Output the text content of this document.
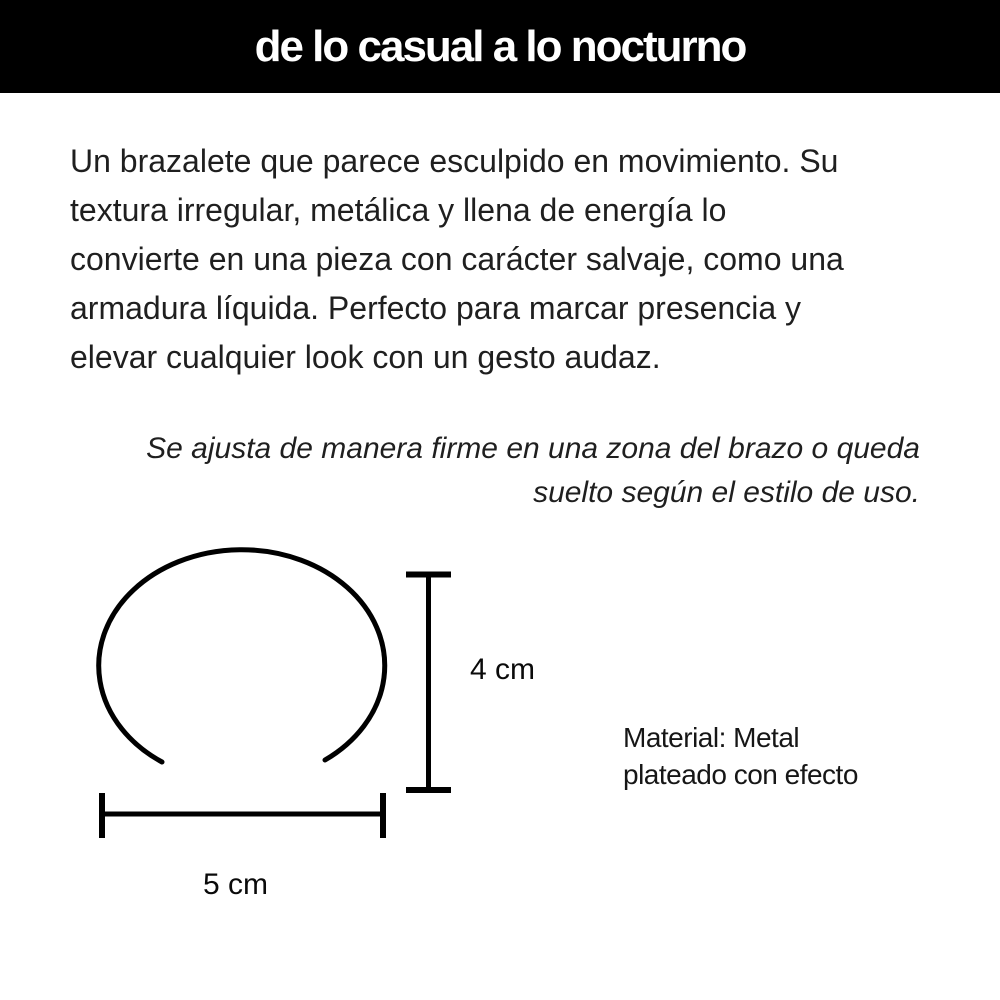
de lo casual a lo nocturno
Un brazalete que parece esculpido en movimiento. Su
textura irregular, metálica y llena de energía lo
convierte en una pieza con carácter salvaje, como una
armadura líquida. Perfecto para marcar presencia y
elevar cualquier look con un gesto audaz.
Se ajusta de manera firme en una zona del brazo o queda
suelto según el estilo de uso.
4 cm
5 cm
Material: Metal
plateado con efecto
